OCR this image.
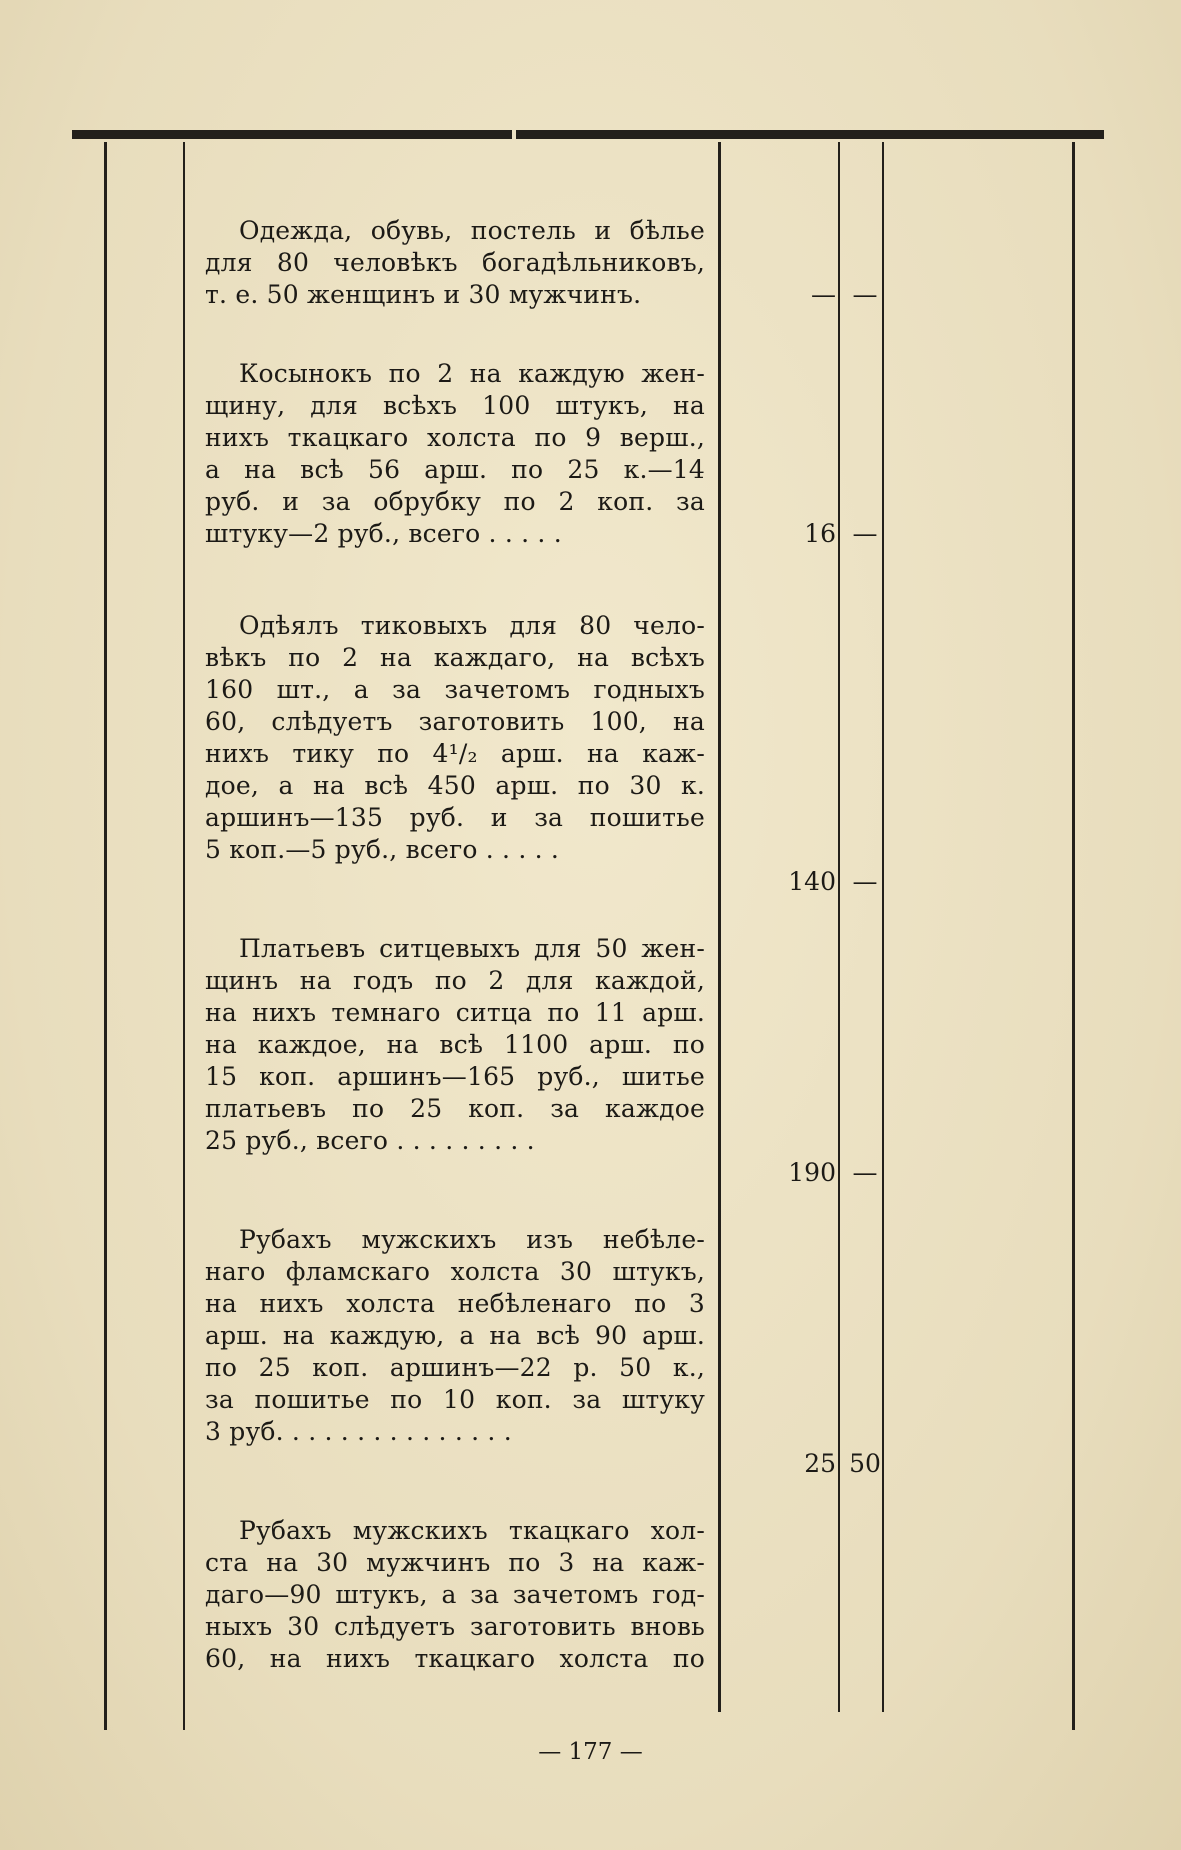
Одежда, обувь, постель и бѣлье
для 80 человѣкъ богадѣльниковъ,
т. е. 50 женщинъ и 30 мужчинъ.
Косынокъ по 2 на каждую жен-
щину, для всѣхъ 100 штукъ, на
нихъ ткацкаго холста по 9 верш.,
а на всѣ 56 арш. по 25 к.—14
руб. и за обрубку по 2 коп. за
штуку—2 руб., всего . . . . .
Одѣялъ тиковыхъ для 80 чело-
вѣкъ по 2 на каждаго, на всѣхъ
160 шт., а за зачетомъ годныхъ
60, слѣдуетъ заготовить 100, на
нихъ тику по 4¹/₂ арш. на каж-
дое, а на всѣ 450 арш. по 30 к.
аршинъ—135 руб. и за пошитье
5 коп.—5 руб., всего . . . . .
Платьевъ ситцевыхъ для 50 жен-
щинъ на годъ по 2 для каждой,
на нихъ темнаго ситца по 11 арш.
на каждое, на всѣ 1100 арш. по
15 коп. аршинъ—165 руб., шитье
платьевъ по 25 коп. за каждое
25 руб., всего . . . . . . . . .
Рубахъ мужскихъ изъ небѣле-
наго фламскаго холста 30 штукъ,
на нихъ холста небѣленаго по 3
арш. на каждую, а на всѣ 90 арш.
по 25 коп. аршинъ—22 р. 50 к.,
за пошитье по 10 коп. за штуку
3 руб. . . . . . . . . . . . . . .
Рубахъ мужскихъ ткацкаго хол-
ста на 30 мужчинъ по 3 на каж-
даго—90 штукъ, а за зачетомъ год-
ныхъ 30 слѣдуетъ заготовить вновь
60, на нихъ ткацкаго холста по
— —
16 —
140 —
190 —
25 50
— 177 —
